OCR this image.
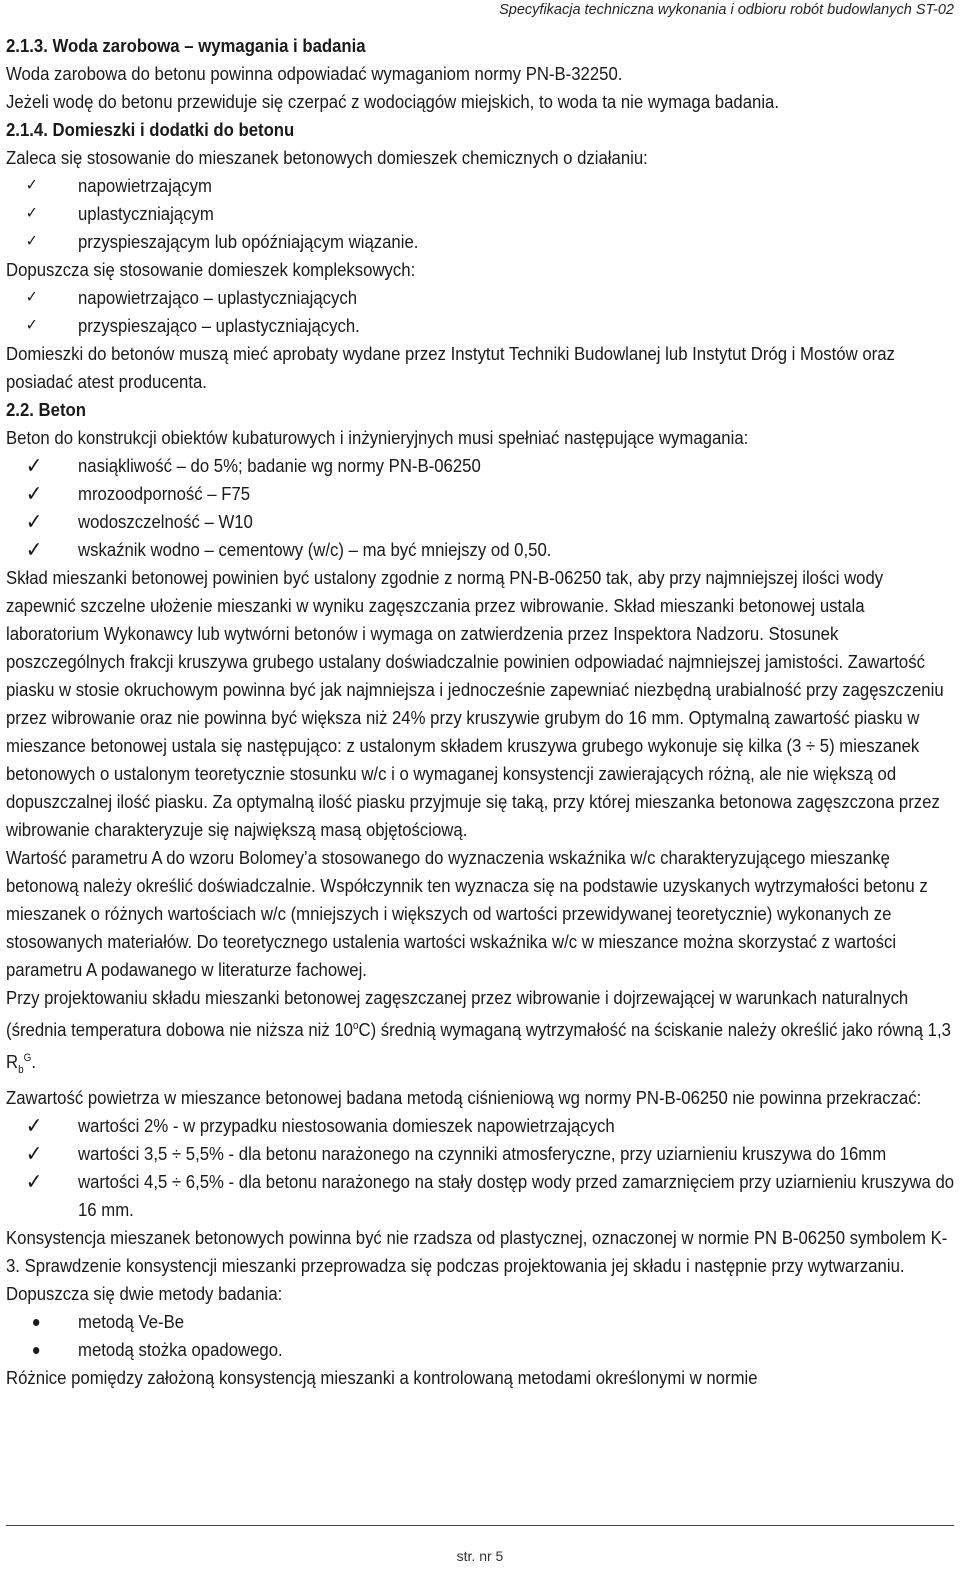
Specyfikacja techniczna wykonania i odbioru robót budowlanych ST-02

2.1.3. Woda zarobowa – wymagania i badania

Woda zarobowa do betonu powinna odpowiadać wymaganiom normy PN-B-32250.

Jeżeli wodę do betonu przewiduje się czerpać z wodociągów miejskich, to woda ta nie wymaga badania.

2.1.4. Domieszki i dodatki do betonu

Zaleca się stosowanie do mieszanek betonowych domieszek chemicznych o działaniu:

✓ napowietrzającym
✓ uplastyczniającym
✓ przyspieszającym lub opóźniającym wiązanie.

Dopuszcza się stosowanie domieszek kompleksowych:

✓ napowietrzająco – uplastyczniających
✓ przyspieszająco – uplastyczniających.

Domieszki do betonów muszą mieć aprobaty wydane przez Instytut Techniki Budowlanej lub Instytut Dróg i Mostów oraz posiadać atest producenta.

2.2. Beton

Beton do konstrukcji obiektów kubaturowych i inżynieryjnych musi spełniać następujące wymagania:

✓ nasiąkliwość – do 5%; badanie wg normy PN-B-06250
✓ mrozoodporność – F75
✓ wodoszczelność – W10
✓ wskaźnik wodno – cementowy (w/c) – ma być mniejszy od 0,50.

Skład mieszanki betonowej powinien być ustalony zgodnie z normą PN-B-06250 tak, aby przy najmniejszej ilości wody zapewnić szczelne ułożenie mieszanki w wyniku zagęszczania przez wibrowanie. Skład mieszanki betonowej ustala laboratorium Wykonawcy lub wytwórni betonów i wymaga on zatwierdzenia przez Inspektora Nadzoru. Stosunek poszczególnych frakcji kruszywa grubego ustalany doświadczalnie powinien odpowiadać najmniejszej jamistości. Zawartość piasku w stosie okruchowym powinna być jak najmniejsza i jednocześnie zapewniać niezbędną urabialność przy zagęszczeniu przez wibrowanie oraz nie powinna być większa niż 24% przy kruszywie grubym do 16 mm. Optymalną zawartość piasku w mieszance betonowej ustala się następująco: z ustalonym składem kruszywa grubego wykonuje się kilka (3 ÷ 5) mieszanek betonowych o ustalonym teoretycznie stosunku w/c i o wymaganej konsystencji zawierających różną, ale nie większą od dopuszczalnej ilość piasku. Za optymalną ilość piasku przyjmuje się taką, przy której mieszanka betonowa zagęszczona przez wibrowanie charakteryzuje się największą masą objętościową.

Wartość parametru A do wzoru Bolomey’a stosowanego do wyznaczenia wskaźnika w/c charakteryzującego mieszankę betonową należy określić doświadczalnie. Współczynnik ten wyznacza się na podstawie uzyskanych wytrzymałości betonu z mieszanek o różnych wartościach w/c (mniejszych i większych od wartości przewidywanej teoretycznie) wykonanych ze stosowanych materiałów. Do teoretycznego ustalenia wartości wskaźnika w/c w mieszance można skorzystać z wartości parametru A podawanego w literaturze fachowej.

Przy projektowaniu składu mieszanki betonowej zagęszczanej przez wibrowanie i dojrzewającej w warunkach naturalnych (średnia temperatura dobowa nie niższa niż 10$^o$C) średnią wymaganą wytrzymałość na ściskanie należy określić jako równą 1,3 $R_b^G$.

Zawartość powietrza w mieszance betonowej badana metodą ciśnieniową wg normy PN-B-06250 nie powinna przekraczać:

✓ wartości 2% - w przypadku niestosowania domieszek napowietrzających
✓ wartości 3,5 ÷ 5,5% - dla betonu narażonego na czynniki atmosferyczne, przy uziarnieniu kruszywa do 16mm
✓ wartości 4,5 ÷ 6,5% - dla betonu narażonego na stały dostęp wody przed zamarznięciem przy uziarnieniu kruszywa do 16 mm.

Konsystencja mieszanek betonowych powinna być nie rzadsza od plastycznej, oznaczonej w normie PN B-06250 symbolem K-3. Sprawdzenie konsystencji mieszanki przeprowadza się podczas projektowania jej składu i następnie przy wytwarzaniu.

Dopuszcza się dwie metody badania:

metodą Ve-Be
metodą stożka opadowego.

Różnice pomiędzy założoną konsystencją mieszanki a kontrolowaną metodami określonymi w normie

str. nr 5
